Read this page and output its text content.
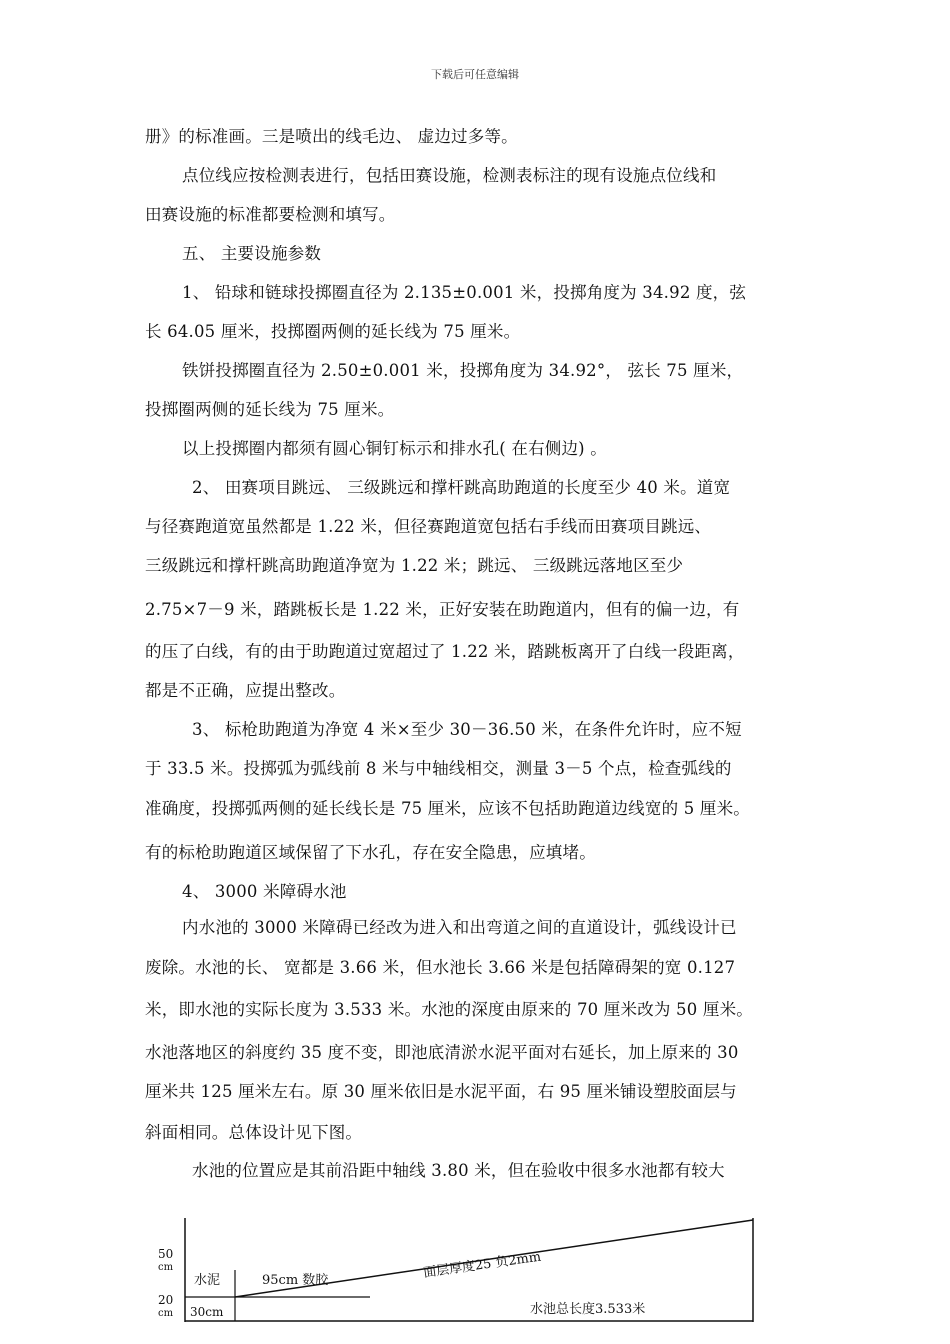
下载后可任意编辑
册》的标准画。三是喷出的线毛边、 虚边过多等。
点位线应按检测表进行，包括田赛设施，检测表标注的现有设施点位线和
田赛设施的标准都要检测和填写。
五、 主要设施参数
1、 铅球和链球投掷圈直径为 2.135±0.001 米，投掷角度为 34.92 度，弦
长 64.05 厘米，投掷圈两侧的延长线为 75 厘米。
铁饼投掷圈直径为 2.50±0.001 米，投掷角度为 34.92°， 弦长 75 厘米，
投掷圈两侧的延长线为 75 厘米。
以上投掷圈内都须有圆心铜钉标示和排水孔( 在右侧边) 。
2、 田赛项目跳远、 三级跳远和撑杆跳高助跑道的长度至少 40 米。道宽
与径赛跑道宽虽然都是 1.22 米，但径赛跑道宽包括右手线而田赛项目跳远、
三级跳远和撑杆跳高助跑道净宽为 1.22 米；跳远、 三级跳远落地区至少
2.75×7－9 米，踏跳板长是 1.22 米，正好安装在助跑道内，但有的偏一边，有
的压了白线，有的由于助跑道过宽超过了 1.22 米，踏跳板离开了白线一段距离，
都是不正确，应提出整改。
3、 标枪助跑道为净宽 4 米×至少 30－36.50 米，在条件允许时，应不短
于 33.5 米。投掷弧为弧线前 8 米与中轴线相交，测量 3－5 个点，检查弧线的
准确度，投掷弧两侧的延长线长是 75 厘米，应该不包括助跑道边线宽的 5 厘米。
有的标枪助跑道区域保留了下水孔，存在安全隐患，应填堵。
4、 3000 米障碍水池
内水池的 3000 米障碍已经改为进入和出弯道之间的直道设计，弧线设计已
废除。水池的长、 宽都是 3.66 米，但水池长 3.66 米是包括障碍架的宽 0.127
米，即水池的实际长度为 3.533 米。水池的深度由原来的 70 厘米改为 50 厘米。
水池落地区的斜度约 35 度不变，即池底清淤水泥平面对右延长，加上原来的 30
厘米共 125 厘米左右。原 30 厘米依旧是水泥平面，右 95 厘米铺设塑胶面层与
斜面相同。总体设计见下图。
水池的位置应是其前沿距中轴线 3.80 米，但在验收中很多水池都有较大
50
cm
20
cm
水泥	95cm 数胶	面层厚度25 负2mm
30cm	水池总长度3.533米
